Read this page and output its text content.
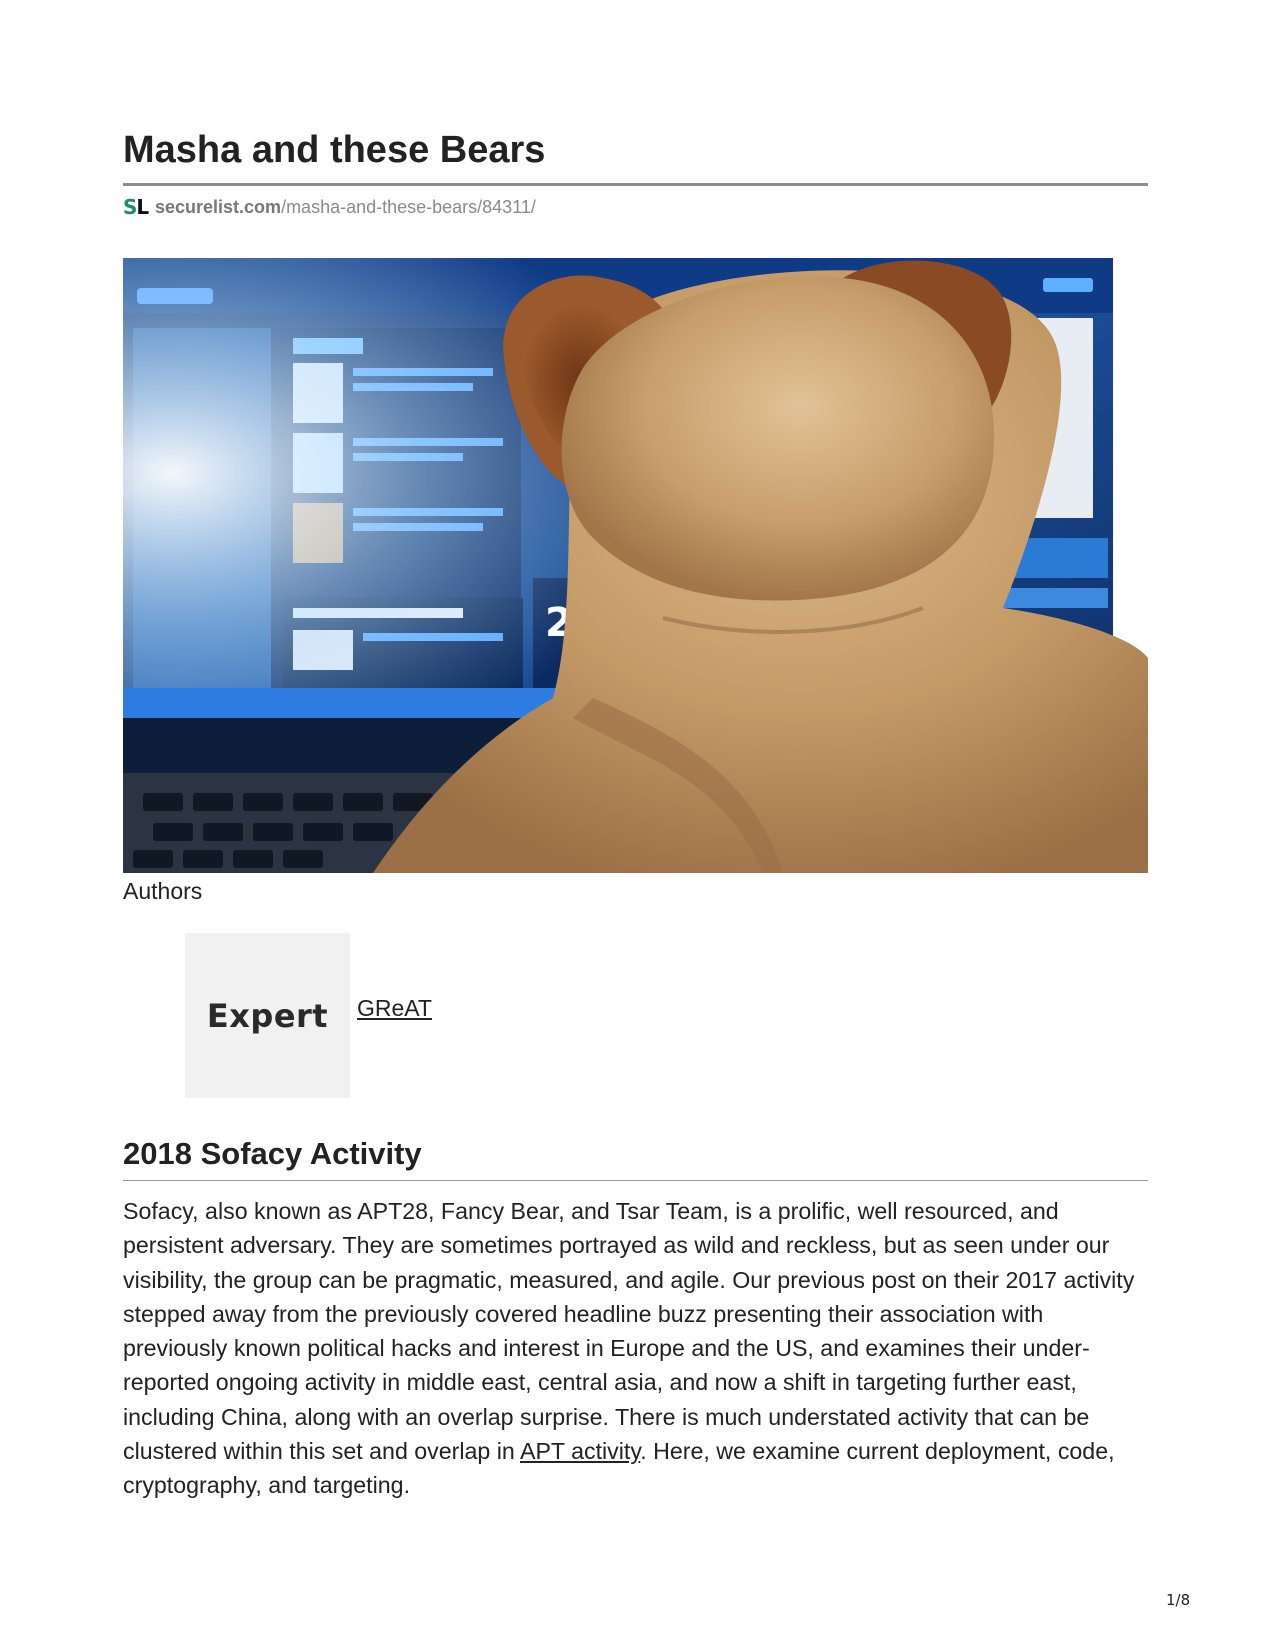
Masha and these Bears
SL securelist.com /masha-and-these-bears/84311/
Authors
Expert	GReAT
2018 Sofacy Activity

Sofacy, also known as APT28, Fancy Bear, and Tsar Team, is a prolific, well resourced, and persistent adversary. They are sometimes portrayed as wild and reckless, but as seen under our visibility, the group can be pragmatic, measured, and agile. Our previous post on their 2017 activity stepped away from the previously covered headline buzz presenting their association with previously known political hacks and interest in Europe and the US, and examines their under-reported ongoing activity in middle east, central asia, and now a shift in targeting further east, including China, along with an overlap surprise. There is much understated activity that can be clustered within this set and overlap in APT activity. Here, we examine current deployment, code, cryptography, and targeting.

1/8
